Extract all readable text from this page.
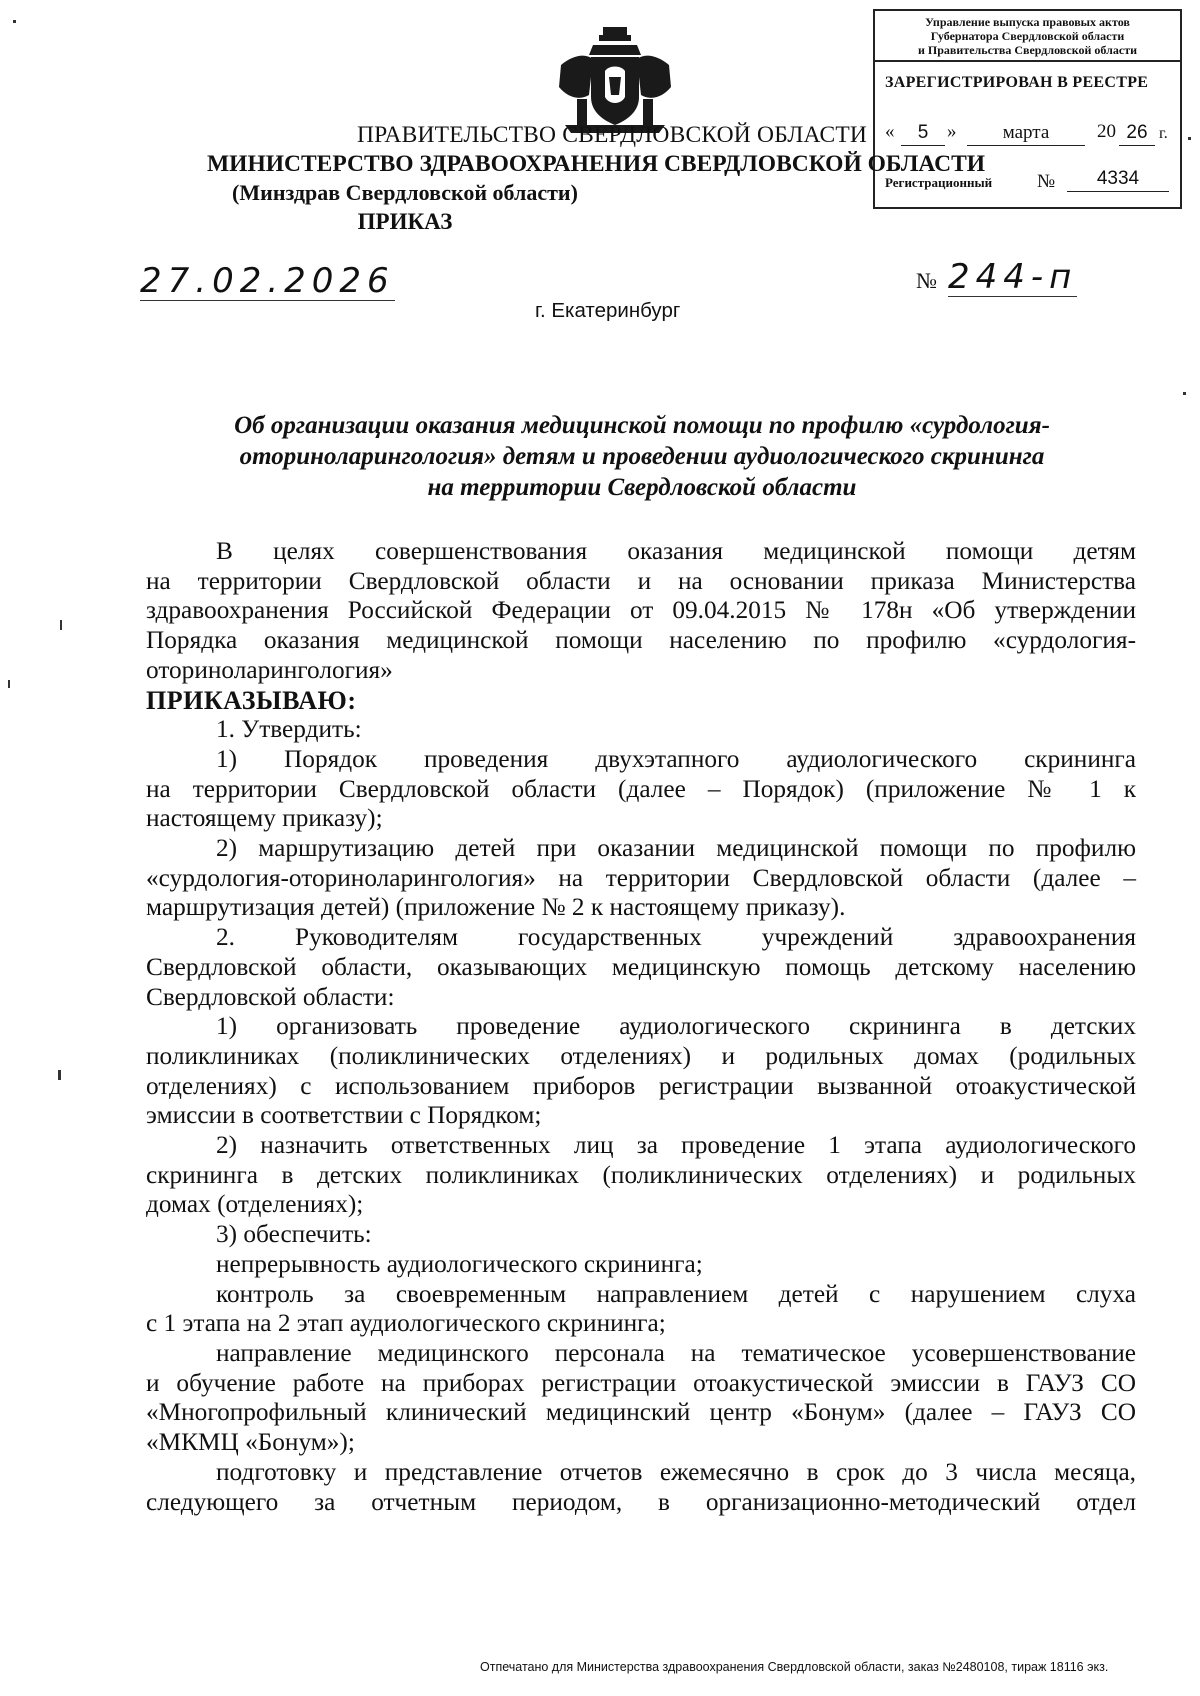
Управление выпуска правовых актов
Губернатора Свердловской области
и Правительства Свердловской области
ЗАРЕГИСТРИРОВАН В РЕЕСТРЕ
«	5 »	марта	20 26 г.
Регистрационный №	4334
ПРАВИТЕЛЬСТВО СВЕРДЛОВСКОЙ ОБЛАСТИ
МИНИСТЕРСТВО ЗДРАВООХРАНЕНИЯ СВЕРДЛОВСКОЙ ОБЛАСТИ
(Минздрав Свердловской области)
ПРИКАЗ
27.02.2026	№ 244-п
г. Екатеринбург
Об организации оказания медицинской помощи по профилю «сурдология-
оториноларингология» детям и проведении аудиологического скрининга
на территории Свердловской области
В целях совершенствования оказания медицинской помощи детям
на территории Свердловской области и на основании приказа Министерства
здравоохранения Российской Федерации от 09.04.2015 № 178н «Об утверждении
Порядка оказания медицинской помощи населению по профилю «сурдология-
оториноларингология»
ПРИКАЗЫВАЮ:
1. Утвердить:
1) Порядок проведения двухэтапного аудиологического скрининга
на территории Свердловской области (далее – Порядок) (приложение № 1 к
настоящему приказу);
2) маршрутизацию детей при оказании медицинской помощи по профилю
«сурдология-оториноларингология» на территории Свердловской области (далее –
маршрутизация детей) (приложение № 2 к настоящему приказу).
2. Руководителям государственных учреждений здравоохранения
Свердловской области, оказывающих медицинскую помощь детскому населению
Свердловской области:
1) организовать проведение аудиологического скрининга в детских
поликлиниках (поликлинических отделениях) и родильных домах (родильных
отделениях) с использованием приборов регистрации вызванной отоакустической
эмиссии в соответствии с Порядком;
2) назначить ответственных лиц за проведение 1 этапа аудиологического
скрининга в детских поликлиниках (поликлинических отделениях) и родильных
домах (отделениях);
3) обеспечить:
непрерывность аудиологического скрининга;
контроль за своевременным направлением детей с нарушением слуха
с 1 этапа на 2 этап аудиологического скрининга;
направление медицинского персонала на тематическое усовершенствование
и обучение работе на приборах регистрации отоакустической эмиссии в ГАУЗ СО
«Многопрофильный клинический медицинский центр «Бонум» (далее – ГАУЗ СО
«МКМЦ «Бонум»);
подготовку и представление отчетов ежемесячно в срок до 3 числа месяца,
следующего за отчетным периодом, в организационно-методический отдел
Отпечатано для Министерства здравоохранения Свердловской области, заказ №2480108, тираж 18116 экз.
